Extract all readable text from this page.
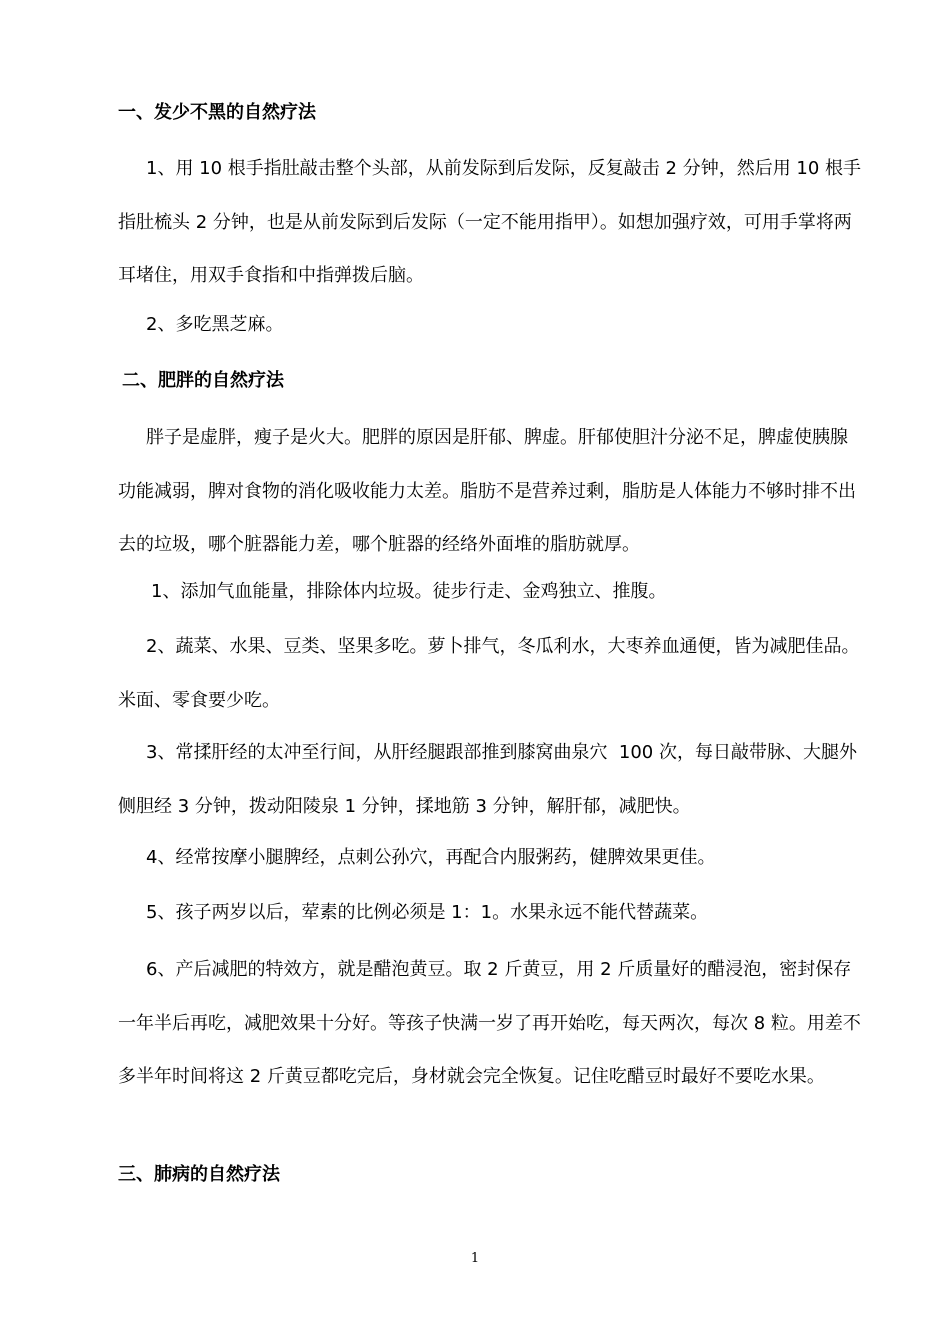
一、发少不黑的自然疗法

1、用 10 根手指肚敲击整个头部，从前发际到后发际，反复敲击 2 分钟，然后用 10 根手指肚梳头 2 分钟，也是从前发际到后发际（一定不能用指甲）。如想加强疗效，可用手掌将两耳堵住，用双手食指和中指弹拨后脑。

2、多吃黑芝麻。

二、肥胖的自然疗法

胖子是虚胖，瘦子是火大。肥胖的原因是肝郁、脾虚。肝郁使胆汁分泌不足，脾虚使胰腺功能减弱，脾对食物的消化吸收能力太差。脂肪不是营养过剩，脂肪是人体能力不够时排不出去的垃圾，哪个脏器能力差，哪个脏器的经络外面堆的脂肪就厚。

1、添加气血能量，排除体内垃圾。徒步行走、金鸡独立、推腹。

2、蔬菜、水果、豆类、坚果多吃。萝卜排气，冬瓜利水，大枣养血通便，皆为减肥佳品。米面、零食要少吃。

3、常揉肝经的太冲至行间，从肝经腿跟部推到膝窝曲泉穴  100 次，每日敲带脉、大腿外侧胆经 3 分钟，拨动阳陵泉 1 分钟，揉地筋 3 分钟，解肝郁，减肥快。

4、经常按摩小腿脾经，点刺公孙穴，再配合内服粥药，健脾效果更佳。

5、孩子两岁以后，荤素的比例必须是 1：1。水果永远不能代替蔬菜。

6、产后减肥的特效方，就是醋泡黄豆。取 2 斤黄豆，用 2 斤质量好的醋浸泡，密封保存一年半后再吃，减肥效果十分好。等孩子快满一岁了再开始吃，每天两次，每次 8 粒。用差不多半年时间将这 2 斤黄豆都吃完后，身材就会完全恢复。记住吃醋豆时最好不要吃水果。

三、肺病的自然疗法
1
